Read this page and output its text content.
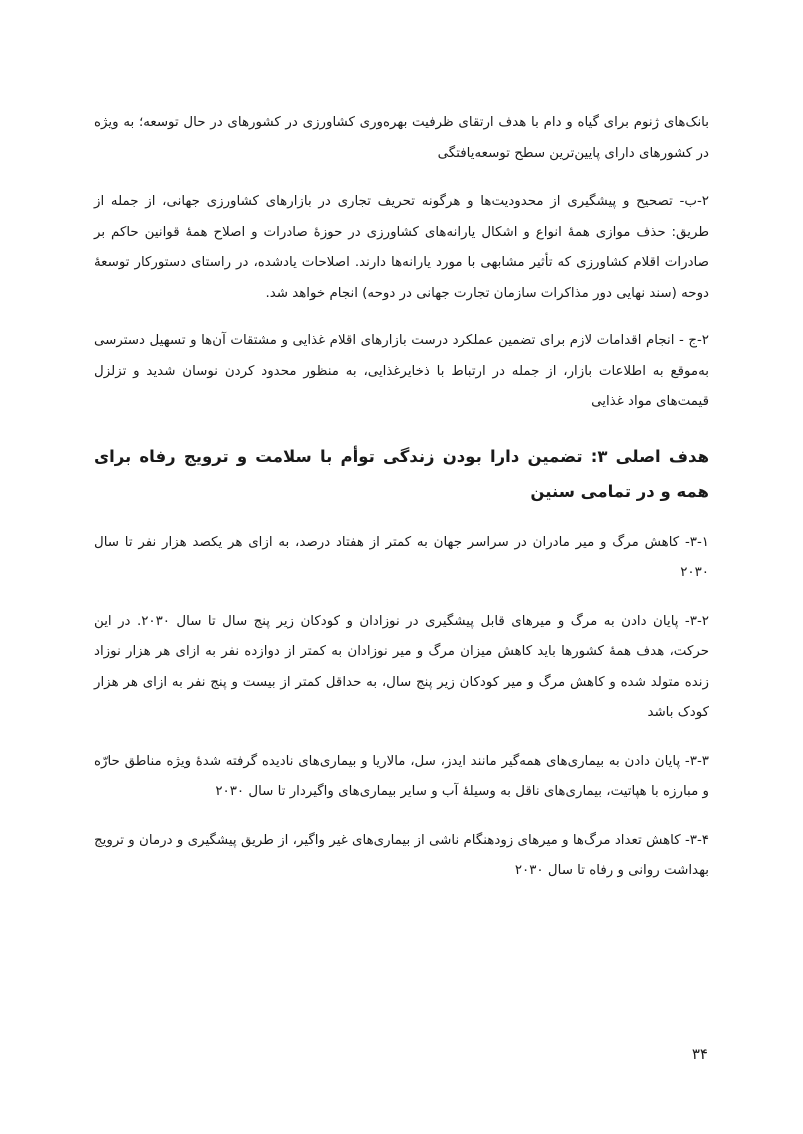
بانک‌های ژنوم برای گیاه و دام با هدف ارتقای ظرفیت بهره‌وری کشاورزی در کشورهای در حال توسعه؛ به ویژه در کشورهای دارای پایین‌ترین سطح توسعه‌یافتگی

۲-ب- تصحیح و پیشگیری از محدودیت‌ها و هرگونه تحریف تجاری در بازارهای کشاورزی جهانی، از جمله از طریق: حذف موازی همهٔ انواع و اشکال یارانه‌های کشاورزی در حوزهٔ صادرات و اصلاح همهٔ قوانین حاکم بر صادرات اقلام کشاورزی که تأثیر مشابهی با مورد یارانه‌ها دارند. اصلاحات یادشده، در راستای دستورکار توسعهٔ دوحه (سند نهایی دور مذاکرات سازمان تجارت جهانی در دوحه) انجام خواهد شد.

۲-ج - انجام اقدامات لازم برای تضمین عملکرد درست بازارهای اقلام غذایی و مشتقات آن‌ها و تسهیل دسترسی به‌موقع به اطلاعات بازار، از جمله در ارتباط با ذخایرغذایی، به منظور محدود کردن نوسان شدید و تزلزل قیمت‌های مواد غذایی

هدف اصلی ۳: تضمین دارا بودن زندگی توأم با سلامت و ترویج رفاه برای همه و در تمامی سنین

۳-۱- کاهش مرگ و میر مادران در سراسر جهان به کمتر از هفتاد درصد، به ازای هر یکصد هزار نفر تا سال ۲۰۳۰

۳-۲- پایان دادن به مرگ و میرهای قابل پیشگیری در نوزادان و کودکان زیر پنج سال تا سال ۲۰۳۰. در این حرکت، هدف همهٔ کشورها باید کاهش میزان مرگ و میر نوزادان به کمتر از دوازده نفر به ازای هر هزار نوزاد زنده متولد شده و کاهش مرگ و میر کودکان زیر پنج سال، به حداقل کمتر از بیست و پنج نفر به ازای هر هزار کودک باشد

۳-۳- پایان دادن به بیماری‌های همه‌گیر مانند ایدز، سل، مالاریا و بیماری‌های نادیده گرفته شدهٔ ویژه مناطق حارّه و مبارزه با هپاتیت، بیماری‌های ناقل به وسیلهٔ آب و سایر بیماری‌های واگیردار تا سال ۲۰۳۰

۳-۴- کاهش تعداد مرگ‌ها و میرهای زودهنگام ناشی از بیماری‌های غیر واگیر، از طریق پیشگیری و درمان و ترویج بهداشت روانی و رفاه تا سال ۲۰۳۰

۳۴
